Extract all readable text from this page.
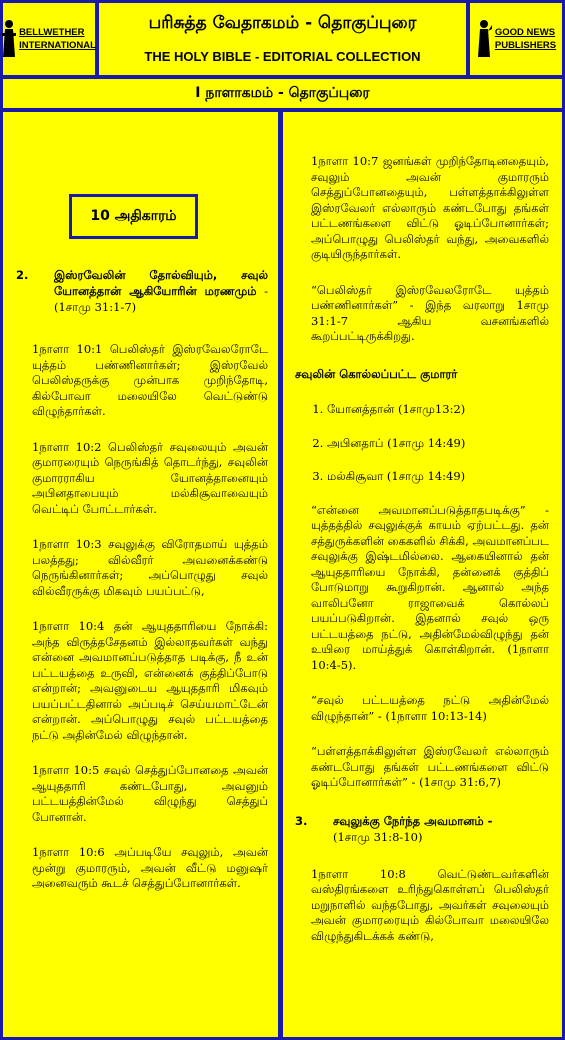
BELLWETHER
INTERNATIONAL
பரிசுத்த வேதாகமம் - தொகுப்புரை
THE HOLY BIBLE - EDITORIAL COLLECTION
GOOD NEWS
PUBLISHERS
I நாளாகமம் - தொகுப்புரை
10 அதிகாரம்
2.	இஸ்ரவேலின் தோல்வியும், சவுல் யோனத்தான் ஆகியோரின் மரணமும் - (1சாமு 31:1-7)

1நாளா 10:1 பெலிஸ்தர் இஸ்ரவேலரோடே யுத்தம் பண்ணினார்கள்; இஸ்ரவேல் பெலிஸ்தருக்கு முன்பாக முறிந்தோடி, கில்போவா மலையிலே வெட்டுண்டு விழுந்தார்கள்.

1நாளா 10:2 பெலிஸ்தர் சவுலையும் அவன் குமாரரையும் நெருங்கித் தொடர்ந்து, சவுலின் குமாரராகிய யோனத்தானையும் அபினதாபையும் மல்கிசூவாவையும் வெட்டிப் போட்டார்கள்.

1நாளா 10:3 சவுலுக்கு விரோதமாய் யுத்தம் பலத்தது; வில்வீரர் அவனைக்கண்டு நெருங்கினார்கள்; அப்பொழுது சவுல் வில்வீரருக்கு மிகவும் பயப்பட்டு,

1நாளா 10:4 தன் ஆயுததாரியை நோக்கி: அந்த விருத்தசேதனம் இல்லாதவர்கள் வந்து என்னை அவமானப்படுத்தாத படிக்கு, நீ உன் பட்டயத்தை உருவி, என்னைக் குத்திப்போடு என்றான்; அவனுடைய ஆயுததாரி மிகவும் பயப்பட்டதினால் அப்படிச் செய்யமாட்டேன் என்றான். அப்பொழுது சவுல் பட்டயத்தை நட்டு அதின்மேல் விழுந்தான்.

1நாளா 10:5 சவுல் செத்துப்போனதை அவன் ஆயுததாரி கண்டபோது, அவனும் பட்டயத்தின்மேல் விழுந்து செத்துப் போனான்.

1நாளா 10:6 அப்படியே சவுலும், அவன் மூன்று குமாரரும், அவன் வீட்டு மனுஷர் அனைவரும் கூடச் செத்துப்போனார்கள்.

1நாளா 10:7 ஜனங்கள் முறிந்தோடினதையும், சவுலும் அவன் குமாரரும் செத்துப்போனதையும், பள்ளத்தாக்கிலுள்ள இஸ்ரவேலர் எல்லாரும் கண்டபோது தங்கள் பட்டணங்களை விட்டு ஓடிப்போனார்கள்; அப்பொழுது பெலிஸ்தர் வந்து, அவைகளில் குடியிருந்தார்கள்.

“பெலிஸ்தர் இஸ்ரவேலரோடே யுத்தம் பண்ணினார்கள்” - இந்த வரலாறு 1சாமு 31:1-7 ஆகிய வசனங்களில் கூறப்பட்டிருக்கிறது.

சவுலின் கொல்லப்பட்ட குமாரர்
1. யோனத்தான் (1சாமு13:2)
2. அபினதாப் (1சாமு 14:49)
3. மல்கிசூவா (1சாமு 14:49)

“என்னை அவமானப்படுத்தாதபடிக்கு” - யுத்தத்தில் சவுலுக்குக் காயம் ஏற்பட்டது. தன் சத்துருக்களின் கைகளில் சிக்கி, அவமானப்பட சவுலுக்கு இஷ்டமில்லை. ஆகையினால் தன் ஆயுததாரியை நோக்கி, தன்னைக் குத்திப் போடுமாறு கூறுகிறான். ஆனால் அந்த வாலிபனோ ராஜாவைக் கொல்லப் பயப்படுகிறான். இதனால் சவுல் ஒரு பட்டயத்தை நட்டு, அதின்மேல்விழுந்து தன் உயிரை மாய்த்துக் கொள்கிறான். (1நாளா 10:4-5).

“சவுல் பட்டயத்தை நட்டு அதின்மேல் விழுந்தான்” - (1நாளா 10:13-14)

“பள்ளத்தாக்கிலுள்ள இஸ்ரவேலர் எல்லாரும் கண்டபோது தங்கள் பட்டணங்களை விட்டு ஓடிப்போனார்கள்” - (1சாமு 31:6,7)

3.	சவுலுக்கு நேர்ந்த அவமானம் -
(1சாமு 31:8-10)

1நாளா 10:8 வெட்டுண்டவர்களின் வஸ்திரங்களை உரிந்துகொள்ளப் பெலிஸ்தர் மறுநாளில் வந்தபோது, அவர்கள் சவுலையும் அவன் குமாரரையும் கில்போவா மலையிலே விழுந்துகிடக்கக் கண்டு,
